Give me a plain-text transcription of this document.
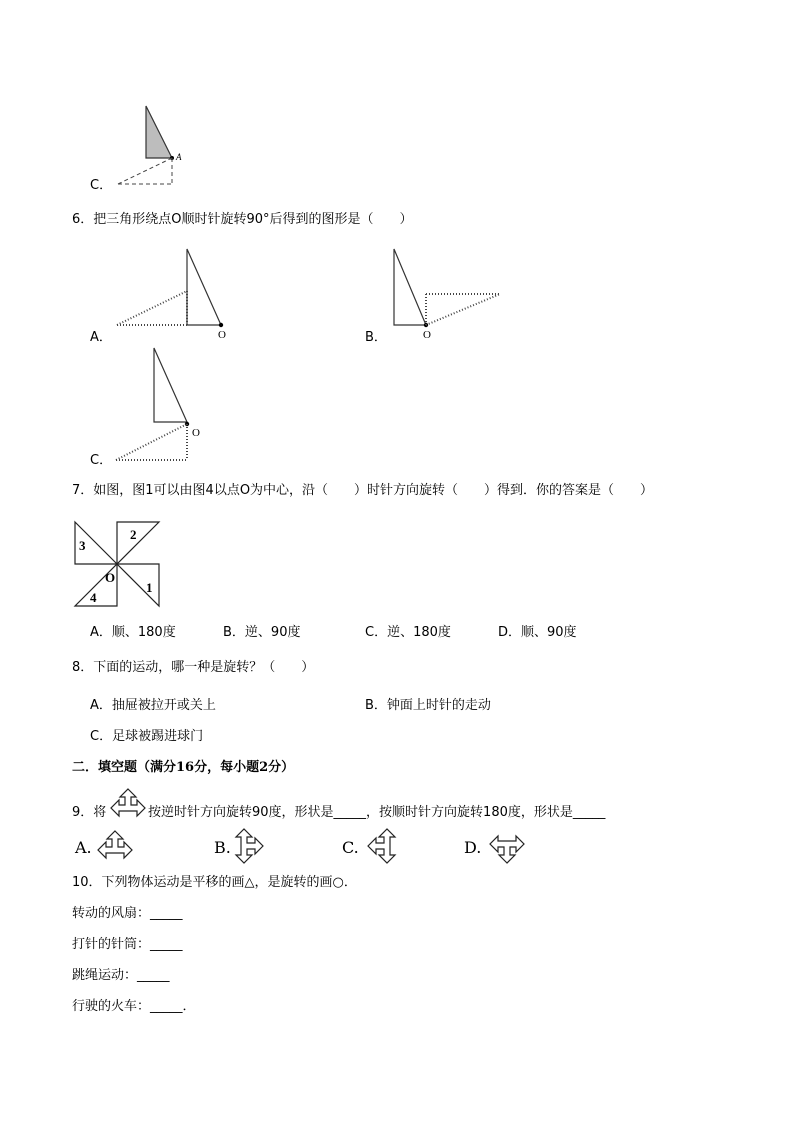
A
C．
6．把三角形绕点O顺时针旋转90°后得到的图形是（　　）
O
A．	O
B．
O
C．
7．如图，图1可以由图4以点O为中心，沿（　　）时针方向旋转（　　）得到．你的答案是（　　）
2
3
1
4
O
A．顺、180度	B．逆、90度	C．逆、180度	D．顺、90度
8．下面的运动，哪一种是旋转？（　　）
A．抽屉被拉开或关上	B．钟面上时针的走动
C．足球被踢进球门
二．填空题（满分16分，每小题2分）
9．将	按逆时针方向旋转90度，形状是_____，按顺时针方向旋转180度，形状是_____
A.	B.	C.	D.
10．下列物体运动是平移的画△，是旋转的画○．
转动的风扇：_____
打针的针筒：_____
跳绳运动：_____
行驶的火车：_____．
